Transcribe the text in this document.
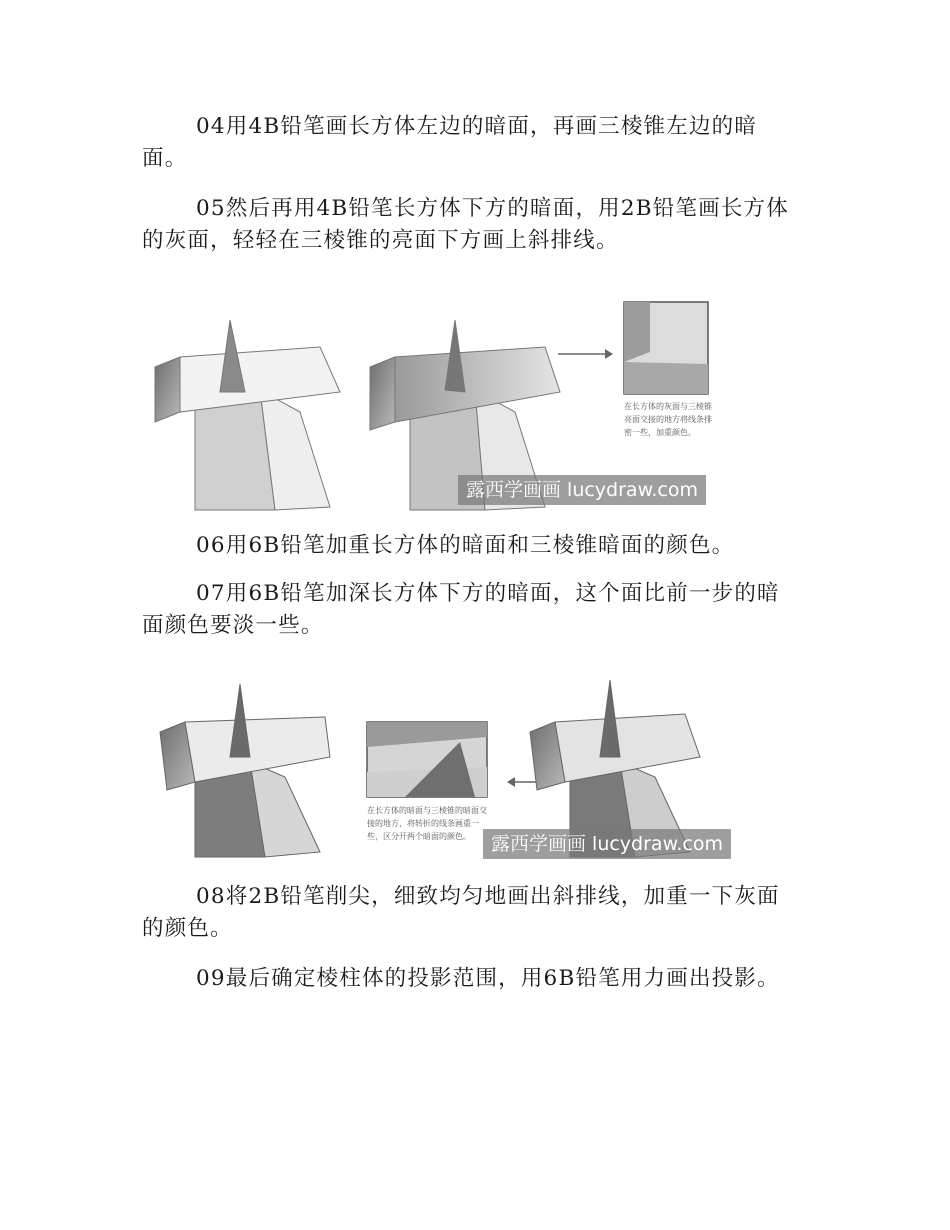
04用4B铅笔画长方体左边的暗面，再画三棱锥左边的暗面。

05然后再用4B铅笔长方体下方的暗面，用2B铅笔画长方体的灰面，轻轻在三棱锥的亮面下方画上斜排线。

在长方体的灰面与三棱锥亮面交接的地方将线条排密一些，加重颜色。
露西学画画 lucydraw.com

06用6B铅笔加重长方体的暗面和三棱锥暗面的颜色。

07用6B铅笔加深长方体下方的暗面，这个面比前一步的暗面颜色要淡一些。

在长方体的暗面与三棱锥的暗面交接的地方，将转折的线条画重一些，区分开两个暗面的颜色。	露西学画画 lucydraw.com

08将2B铅笔削尖，细致均匀地画出斜排线，加重一下灰面的颜色。

09最后确定棱柱体的投影范围，用6B铅笔用力画出投影。
